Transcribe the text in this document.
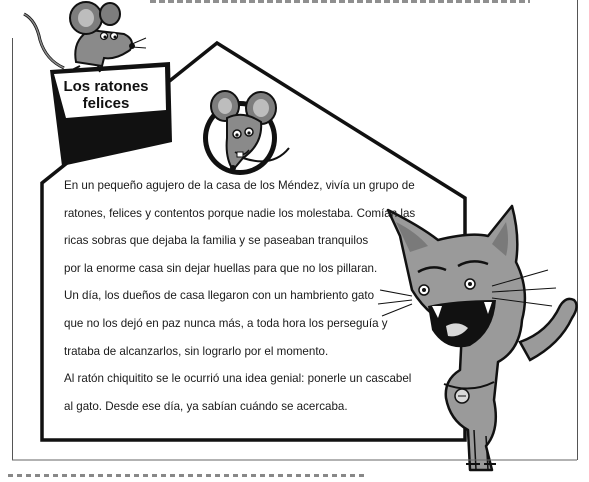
Los ratones
felices
En un pequeño agujero de la casa de los Méndez, vivía un grupo de
ratones, felices y contentos porque nadie los molestaba. Comían las
ricas sobras que dejaba la familia y se paseaban tranquilos
por la enorme casa sin dejar huellas para que no los pillaran.
Un día, los dueños de casa llegaron con un hambriento gato
que no los dejó en paz nunca más, a toda hora los perseguía y
trataba de alcanzarlos, sin lograrlo por el momento.
Al ratón chiquitito se le ocurrió una idea genial: ponerle un cascabel
al gato. Desde ese día, ya sabían cuándo se acercaba.
